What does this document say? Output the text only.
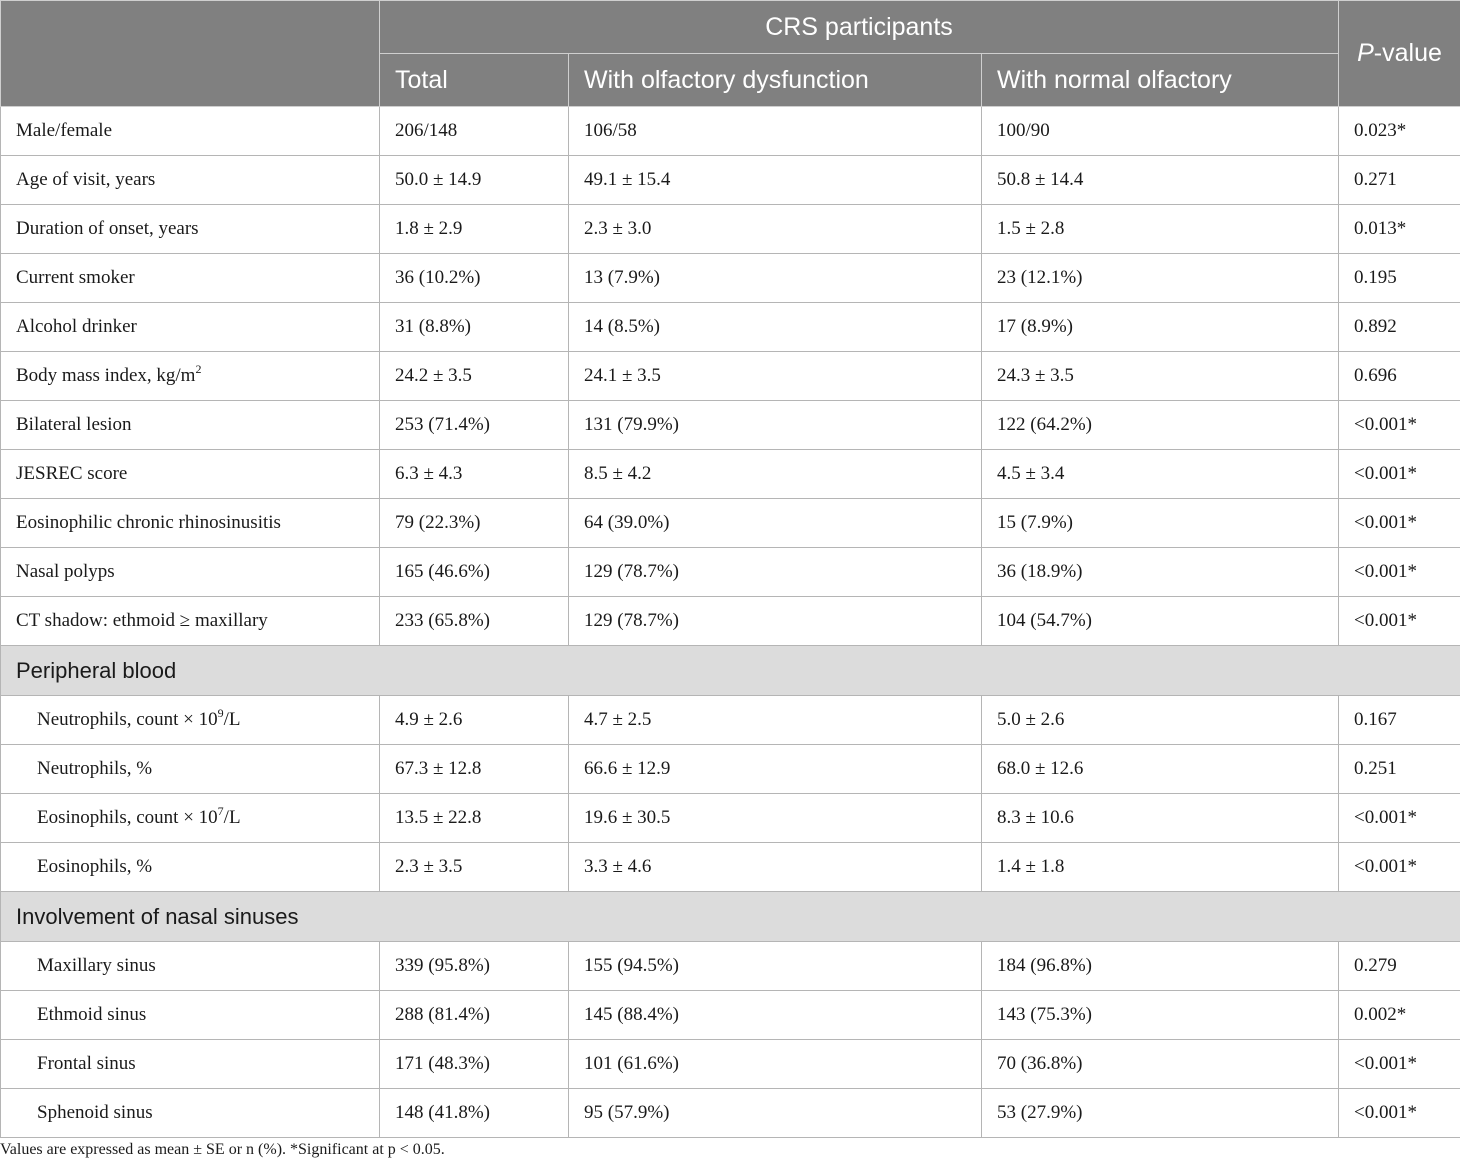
	CRS participants			P-value
	Total	With olfactory dysfunction	With normal olfactory	
Male/female	206/148	106/58	100/90	0.023*
Age of visit, years	50.0 ± 14.9	49.1 ± 15.4	50.8 ± 14.4	0.271
Duration of onset, years	1.8 ± 2.9	2.3 ± 3.0	1.5 ± 2.8	0.013*
Current smoker	36 (10.2%)	13 (7.9%)	23 (12.1%)	0.195
Alcohol drinker	31 (8.8%)	14 (8.5%)	17 (8.9%)	0.892
Body mass index, $kg/m^2$	24.2 ± 3.5	24.1 ± 3.5	24.3 ± 3.5	0.696
Bilateral lesion	253 (71.4%)	131 (79.9%)	122 (64.2%)	<0.001*
JESREC score	6.3 ± 4.3	8.5 ± 4.2	4.5 ± 3.4	<0.001*
Eosinophilic chronic rhinosinusitis	79 (22.3%)	64 (39.0%)	15 (7.9%)	<0.001*
Nasal polyps	165 (46.6%)	129 (78.7%)	36 (18.9%)	<0.001*
CT shadow: ethmoid ≥ maxillary	233 (65.8%)	129 (78.7%)	104 (54.7%)	<0.001*
Peripheral blood				
Neutrophils, count × $10^9/L$	4.9 ± 2.6	4.7 ± 2.5	5.0 ± 2.6	0.167
Neutrophils, %	67.3 ± 12.8	66.6 ± 12.9	68.0 ± 12.6	0.251
Eosinophils, count × $10^7/L$	13.5 ± 22.8	19.6 ± 30.5	8.3 ± 10.6	<0.001*
Eosinophils, %	2.3 ± 3.5	3.3 ± 4.6	1.4 ± 1.8	<0.001*
Involvement of nasal sinuses				
Maxillary sinus	339 (95.8%)	155 (94.5%)	184 (96.8%)	0.279
Ethmoid sinus	288 (81.4%)	145 (88.4%)	143 (75.3%)	0.002*
Frontal sinus	171 (48.3%)	101 (61.6%)	70 (36.8%)	<0.001*
Sphenoid sinus	148 (41.8%)	95 (57.9%)	53 (27.9%)	<0.001*
Values are expressed as mean ± SE or n (%). *Significant at p < 0.05.
